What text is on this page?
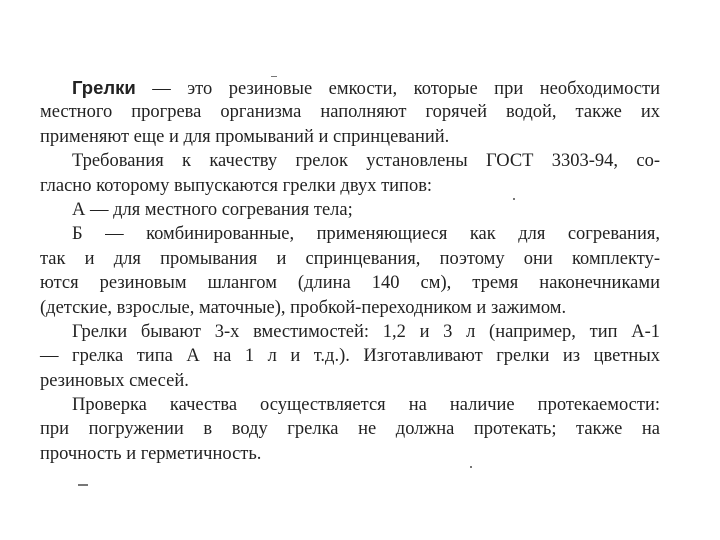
Грелки — это резиновые емкости, которые при необходимости
местного прогрева организма наполняют горячей водой, также их
применяют еще и для промываний и спринцеваний.
Требования к качеству грелок установлены ГОСТ 3303-94, со-
гласно которому выпускаются грелки двух типов:
А — для местного согревания тела;
Б — комбинированные, применяющиеся как для согревания,
так и для промывания и спринцевания, поэтому они комплекту-
ются резиновым шлангом (длина 140 см), тремя наконечниками
(детские, взрослые, маточные), пробкой-переходником и зажимом.
Грелки бывают 3-х вместимостей: 1,2 и 3 л (например, тип А-1
— грелка типа А на 1 л и т.д.). Изготавливают грелки из цветных
резиновых смесей.
Проверка качества осуществляется на наличие протекаемости:
при погружении в воду грелка не должна протекать; также на
прочность и герметичность.
